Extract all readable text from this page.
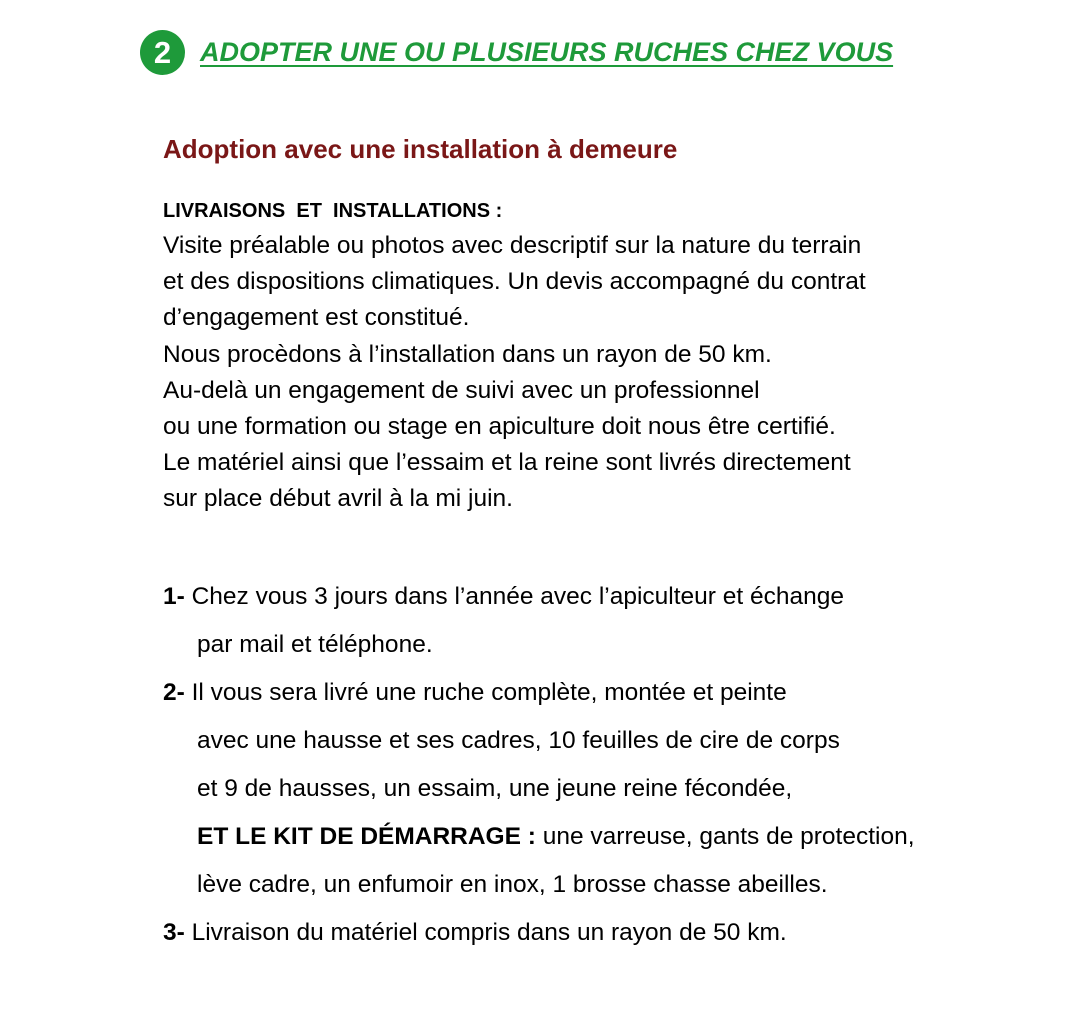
2	ADOPTER UNE OU PLUSIEURS RUCHES CHEZ VOUS
Adoption avec une installation à demeure
LIVRAISONS  ET  INSTALLATIONS :
Visite préalable ou photos avec descriptif sur la nature du terrain
et des dispositions climatiques. Un devis accompagné du contrat
d’engagement est constitué.
Nous procèdons à l’installation dans un rayon de 50 km.
Au-delà un engagement de suivi avec un professionnel
ou une formation ou stage en apiculture doit nous être certifié.
Le matériel ainsi que l’essaim et la reine sont livrés directement
sur place début avril à la mi juin.
1- Chez vous 3 jours dans l’année avec l’apiculteur et échange
par mail et téléphone.
2- Il vous sera livré une ruche complète, montée et peinte
avec une hausse et ses cadres, 10 feuilles de cire de corps
et 9 de hausses, un essaim, une jeune reine fécondée,
ET LE KIT DE DÉMARRAGE : une varreuse, gants de protection,
lève cadre, un enfumoir en inox, 1 brosse chasse abeilles.
3- Livraison du matériel compris dans un rayon de 50 km.
